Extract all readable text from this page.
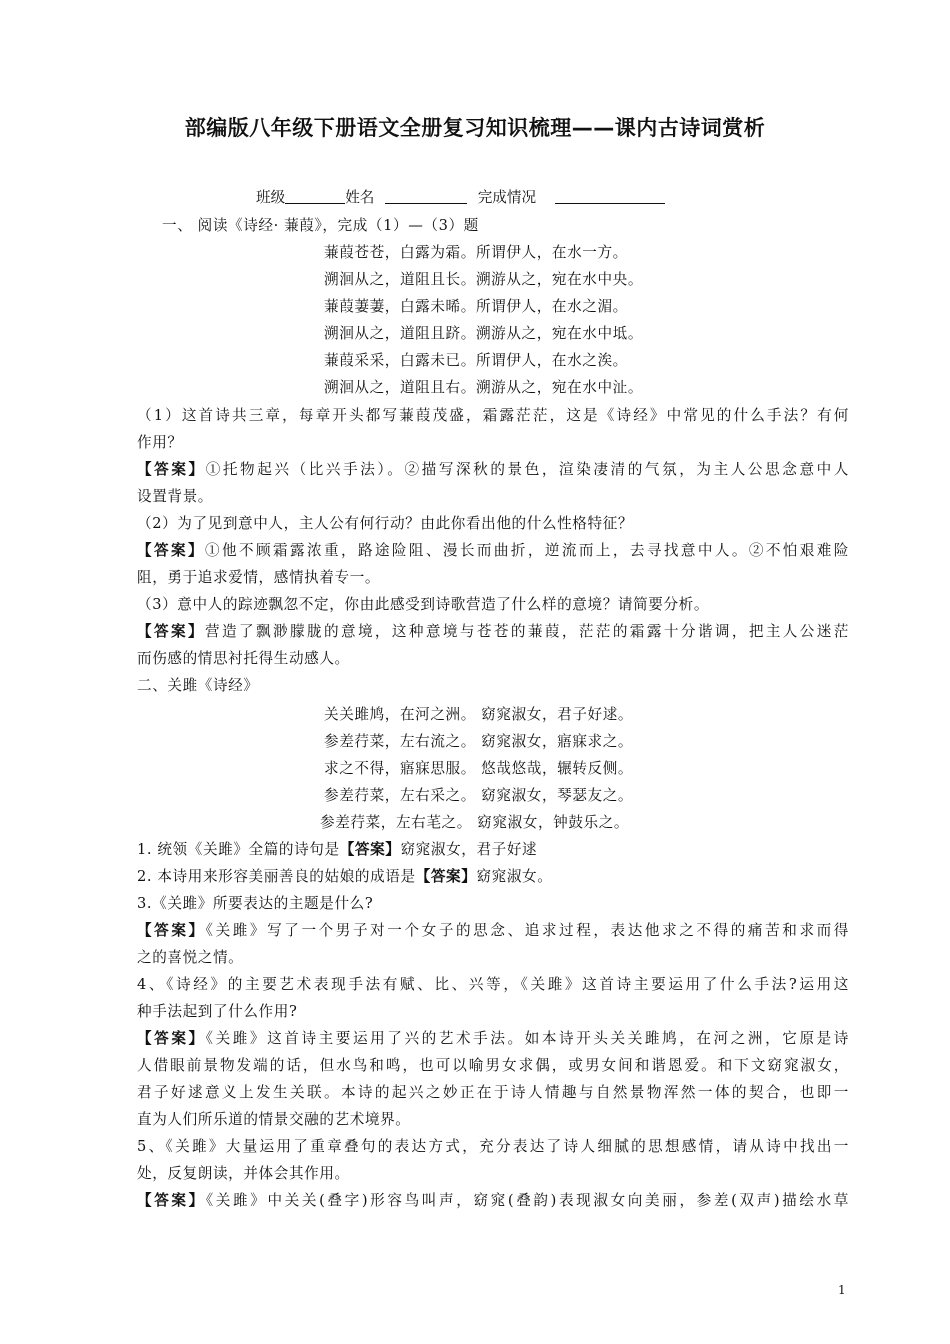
部编版八年级下册语文全册复习知识梳理——课内古诗词赏析
班级	姓名	完成情况
一、 阅读《诗经· 蒹葭》，完成（1）—（3）题
蒹葭苍苍，白露为霜。所谓伊人，在水一方。
溯洄从之，道阻且长。溯游从之，宛在水中央。
蒹葭萋萋，白露未晞。所谓伊人，在水之湄。
溯洄从之，道阻且跻。溯游从之，宛在水中坻。
蒹葭采采，白露未已。所谓伊人，在水之涘。
溯洄从之，道阻且右。溯游从之，宛在水中沚。
（1）这首诗共三章，每章开头都写蒹葭茂盛，霜露茫茫，这是《诗经》中常见的什么手法？有何
作用？
【答案】①托物起兴（比兴手法）。②描写深秋的景色，渲染凄清的气氛，为主人公思念意中人
设置背景。
（2）为了见到意中人，主人公有何行动？由此你看出他的什么性格特征？
【答案】①他不顾霜露浓重，路途险阻、漫长而曲折，逆流而上，去寻找意中人。②不怕艰难险
阻，勇于追求爱情，感情执着专一。
（3）意中人的踪迹飘忽不定，你由此感受到诗歌营造了什么样的意境？请简要分析。
【答案】营造了飘渺朦胧的意境，这种意境与苍苍的蒹葭，茫茫的霜露十分谐调，把主人公迷茫
而伤感的情思衬托得生动感人。
二、关雎《诗经》
关关雎鸠，在河之洲。 窈窕淑女，君子好逑。
参差荇菜，左右流之。 窈窕淑女，寤寐求之。
求之不得，寤寐思服。 悠哉悠哉，辗转反侧。
参差荇菜，左右采之。 窈窕淑女，琴瑟友之。
参差荇菜，左右芼之。 窈窕淑女，钟鼓乐之。
1. 统领《关雎》全篇的诗句是【答案】窈窕淑女，君子好逑
2. 本诗用来形容美丽善良的姑娘的成语是【答案】窈窕淑女。
3.《关雎》所要表达的主题是什么?
【答案】《关雎》写了一个男子对一个女子的思念、追求过程，表达他求之不得的痛苦和求而得
之的喜悦之情。
4、《诗经》的主要艺术表现手法有赋、比、兴等，《关雎》这首诗主要运用了什么手法?运用这
种手法起到了什么作用?
【答案】《关雎》这首诗主要运用了兴的艺术手法。如本诗开头关关雎鸠，在河之洲，它原是诗
人借眼前景物发端的话，但水鸟和鸣，也可以喻男女求偶，或男女间和谐恩爱。和下文窈窕淑女，
君子好逑意义上发生关联。本诗的起兴之妙正在于诗人情趣与自然景物浑然一体的契合，也即一
直为人们所乐道的情景交融的艺术境界。
5、《关雎》大量运用了重章叠句的表达方式，充分表达了诗人细腻的思想感情，请从诗中找出一
处，反复朗读，并体会其作用。
【答案】《关雎》中关关(叠字)形容鸟叫声，窈窕(叠韵)表现淑女向美丽，参差(双声)描绘水草
1
